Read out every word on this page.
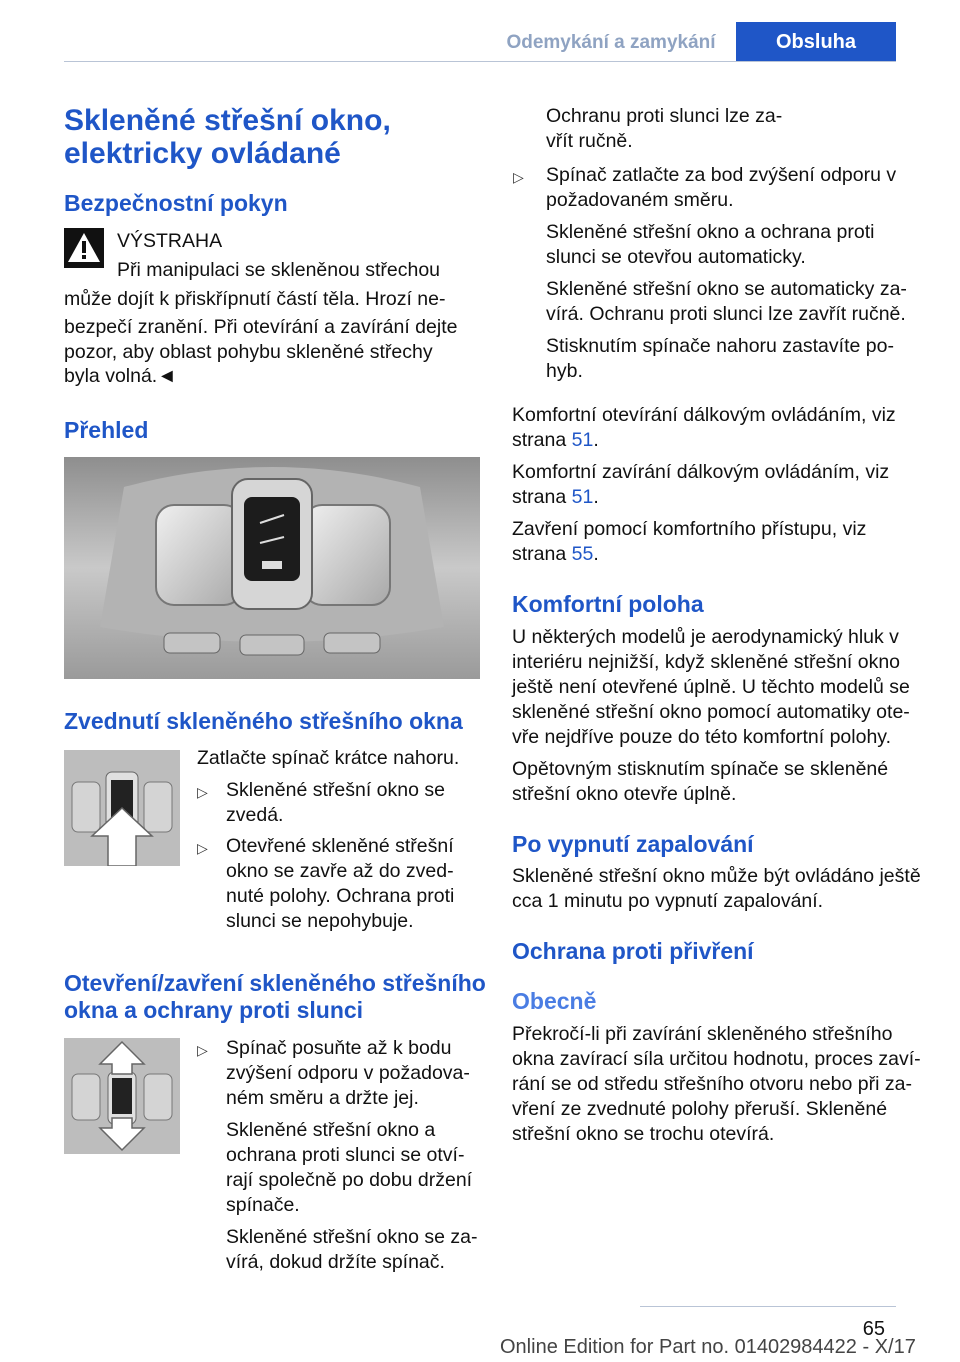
Odemykání a zamykání	Obsluha
Skleněné střešní okno,
elektricky ovládané
Bezpečnostní pokyn
VÝSTRAHA
Při manipulaci se skleněnou střechou
může dojít k přiskřípnutí částí těla. Hrozí ne-
bezpečí zranění. Při otevírání a zavírání dejte
pozor, aby oblast pohybu skleněné střechy
byla volná.◄
Přehled
Zvednutí skleněného střešního okna
Zatlačte spínač krátce nahoru.
▷ Skleněné střešní okno se
zvedá.
▷ Otevřené skleněné střešní
okno se zavře až do zved-
nuté polohy. Ochrana proti
slunci se nepohybuje.
Otevření/zavření skleněného střešního
okna a ochrany proti slunci
▷ Spínač posuňte až k bodu
zvýšení odporu v požadova-
ném směru a držte jej.
Skleněné střešní okno a
ochrana proti slunci se otví-
rají společně po dobu držení
spínače.
Skleněné střešní okno se za-
vírá, dokud držíte spínač.
Ochranu proti slunci lze za-
vřít ručně.
▷ Spínač zatlačte za bod zvýšení odporu v
požadovaném směru.
Skleněné střešní okno a ochrana proti
slunci se otevřou automaticky.
Skleněné střešní okno se automaticky za-
vírá. Ochranu proti slunci lze zavřít ručně.
Stisknutím spínače nahoru zastavíte po-
hyb.
Komfortní otevírání dálkovým ovládáním, viz
strana 51.
Komfortní zavírání dálkovým ovládáním, viz
strana 51.
Zavření pomocí komfortního přístupu, viz
strana 55.
Komfortní poloha
U některých modelů je aerodynamický hluk v
interiéru nejnižší, když skleněné střešní okno
ještě není otevřené úplně. U těchto modelů se
skleněné střešní okno pomocí automatiky ote-
vře nejdříve pouze do této komfortní polohy.
Opětovným stisknutím spínače se skleněné
střešní okno otevře úplně.
Po vypnutí zapalování
Skleněné střešní okno může být ovládáno ještě
cca 1 minutu po vypnutí zapalování.
Ochrana proti přivření
Obecně
Překročí-li při zavírání skleněného střešního
okna zavírací síla určitou hodnotu, proces zaví-
rání se od středu střešního otvoru nebo při za-
vření ze zvednuté polohy přeruší. Skleněné
střešní okno se trochu otevírá.
65
Online Edition for Part no. 01402984422 - X/17
